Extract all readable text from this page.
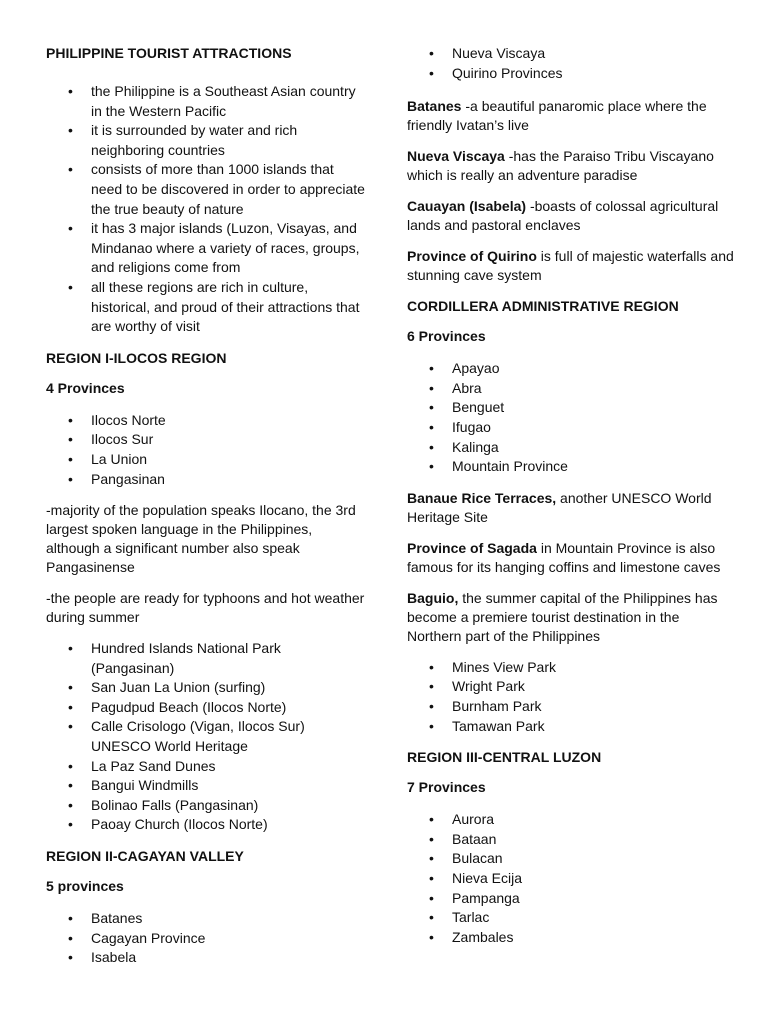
PHILIPPINE TOURIST ATTRACTIONS
• the Philippine is a Southeast Asian country in the Western Pacific
• it is surrounded by water and rich neighboring countries
• consists of more than 1000 islands that need to be discovered in order to appreciate the true beauty of nature
• it has 3 major islands (Luzon, Visayas, and Mindanao where a variety of races, groups, and religions come from
• all these regions are rich in culture, historical, and proud of their attractions that are worthy of visit
REGION I-ILOCOS REGION
4 Provinces
• Ilocos Norte
• Ilocos Sur
• La Union
• Pangasinan
-majority of the population speaks Ilocano, the 3rd largest spoken language in the Philippines, although a significant number also speak Pangasinense
-the people are ready for typhoons and hot weather during summer
• Hundred Islands National Park (Pangasinan)
• San Juan La Union (surfing)
• Pagudpud Beach (Ilocos Norte)
• Calle Crisologo (Vigan, Ilocos Sur) UNESCO World Heritage
• La Paz Sand Dunes
• Bangui Windmills
• Bolinao Falls (Pangasinan)
• Paoay Church (Ilocos Norte)
REGION II-CAGAYAN VALLEY
5 provinces
• Batanes
• Cagayan Province
• Isabela
• Nueva Viscaya
• Quirino Provinces
Batanes -a beautiful panaromic place where the friendly Ivatan’s live
Nueva Viscaya -has the Paraiso Tribu Viscayano which is really an adventure paradise
Cauayan (Isabela) -boasts of colossal agricultural lands and pastoral enclaves
Province of Quirino is full of majestic waterfalls and stunning cave system
CORDILLERA ADMINISTRATIVE REGION
6 Provinces
• Apayao
• Abra
• Benguet
• Ifugao
• Kalinga
• Mountain Province
Banaue Rice Terraces, another UNESCO World Heritage Site
Province of Sagada in Mountain Province is also famous for its hanging coffins and limestone caves
Baguio, the summer capital of the Philippines has become a premiere tourist destination in the Northern part of the Philippines
• Mines View Park
• Wright Park
• Burnham Park
• Tamawan Park
REGION III-CENTRAL LUZON
7 Provinces
• Aurora
• Bataan
• Bulacan
• Nieva Ecija
• Pampanga
• Tarlac
• Zambales
